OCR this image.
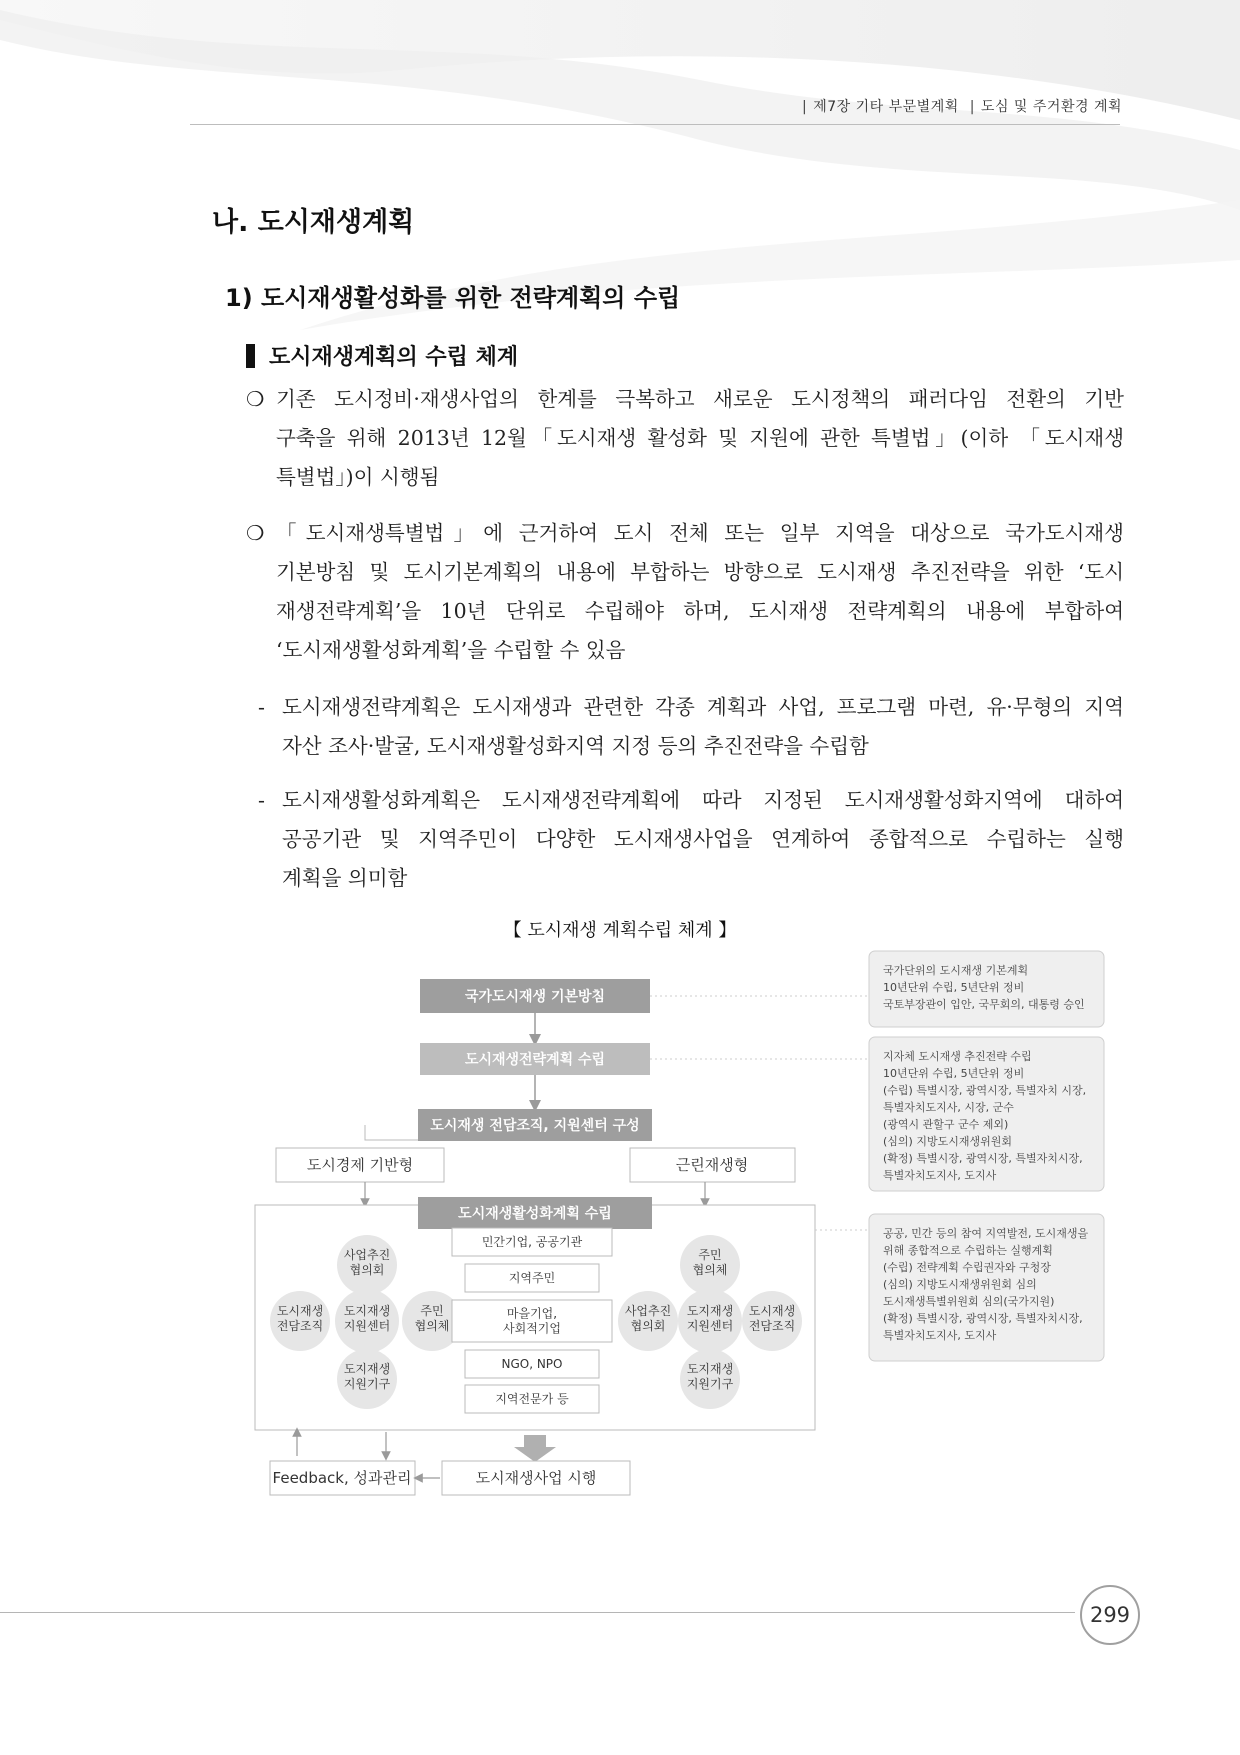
| 제7장 기타 부문별계획 | 도심 및 주거환경 계획
나. 도시재생계획
1) 도시재생활성화를 위한 전략계획의 수립
도시재생계획의 수립 체계
❍ 기존 도시정비·재생사업의 한계를 극복하고 새로운 도시정책의 패러다임 전환의 기반
구축을 위해 2013년 12월「도시재생 활성화 및 지원에 관한 특별법」(이하 「도시재생
특별법」)이 시행됨
❍ 「도시재생특별법」에 근거하여 도시 전체 또는 일부 지역을 대상으로 국가도시재생
기본방침 및 도시기본계획의 내용에 부합하는 방향으로 도시재생 추진전략을 위한 ‘도시
재생전략계획’을 10년 단위로 수립해야 하며, 도시재생 전략계획의 내용에 부합하여
‘도시재생활성화계획’을 수립할 수 있음
- 도시재생전략계획은 도시재생과 관련한 각종 계획과 사업, 프로그램 마련, 유·무형의 지역
자산 조사·발굴, 도시재생활성화지역 지정 등의 추진전략을 수립함
- 도시재생활성화계획은 도시재생전략계획에 따라 지정된 도시재생활성화지역에 대하여
공공기관 및 지역주민이 다양한 도시재생사업을 연계하여 종합적으로 수립하는 실행
계획을 의미함
【 도시재생 계획수립 체계 】
국가도시재생 기본방침
도시재생전략계획 수립
도시재생 전담조직, 지원센터 구성
도시경제 기반형	근린재생형
도시재생활성화계획 수립
민간기업, 공공기관
지역주민
마을기업,
사회적기업
NGO, NPO
지역전문가 등
사업추진
협의회
도시재생
전담조직
도지재생
지원센터
주민
협의체
도지재생
지원기구
주민
협의체
사업추진
협의회
도지재생
지원센터
도시재생
전담조직
도지재생
지원기구
Feedback, 성과관리	도시재생사업 시행
국가단위의 도시재생 기본계획
10년단위 수립, 5년단위 정비
국토부장관이 입안, 국무회의, 대통령 승인
지자체 도시재생 추진전략 수립
10년단위 수립, 5년단위 정비
(수립) 특별시장, 광역시장, 특별자치 시장,
특별자치도지사, 시장, 군수
(광역시 관할구 군수 제외)
(심의) 지방도시재생위원회
(확정) 특별시장, 광역시장, 특별자치시장,
특별자치도지사, 도지사
공공, 민간 등의 참여 지역발전, 도시재생을
위해 종합적으로 수립하는 실행계획
(수립) 전략계획 수립권자와 구청장
(심의) 지방도시재생위원회 심의
도시재생특별위원회 심의(국가지원)
(확정) 특별시장, 광역시장, 특별자치시장,
특별자치도지사, 도지사
299
